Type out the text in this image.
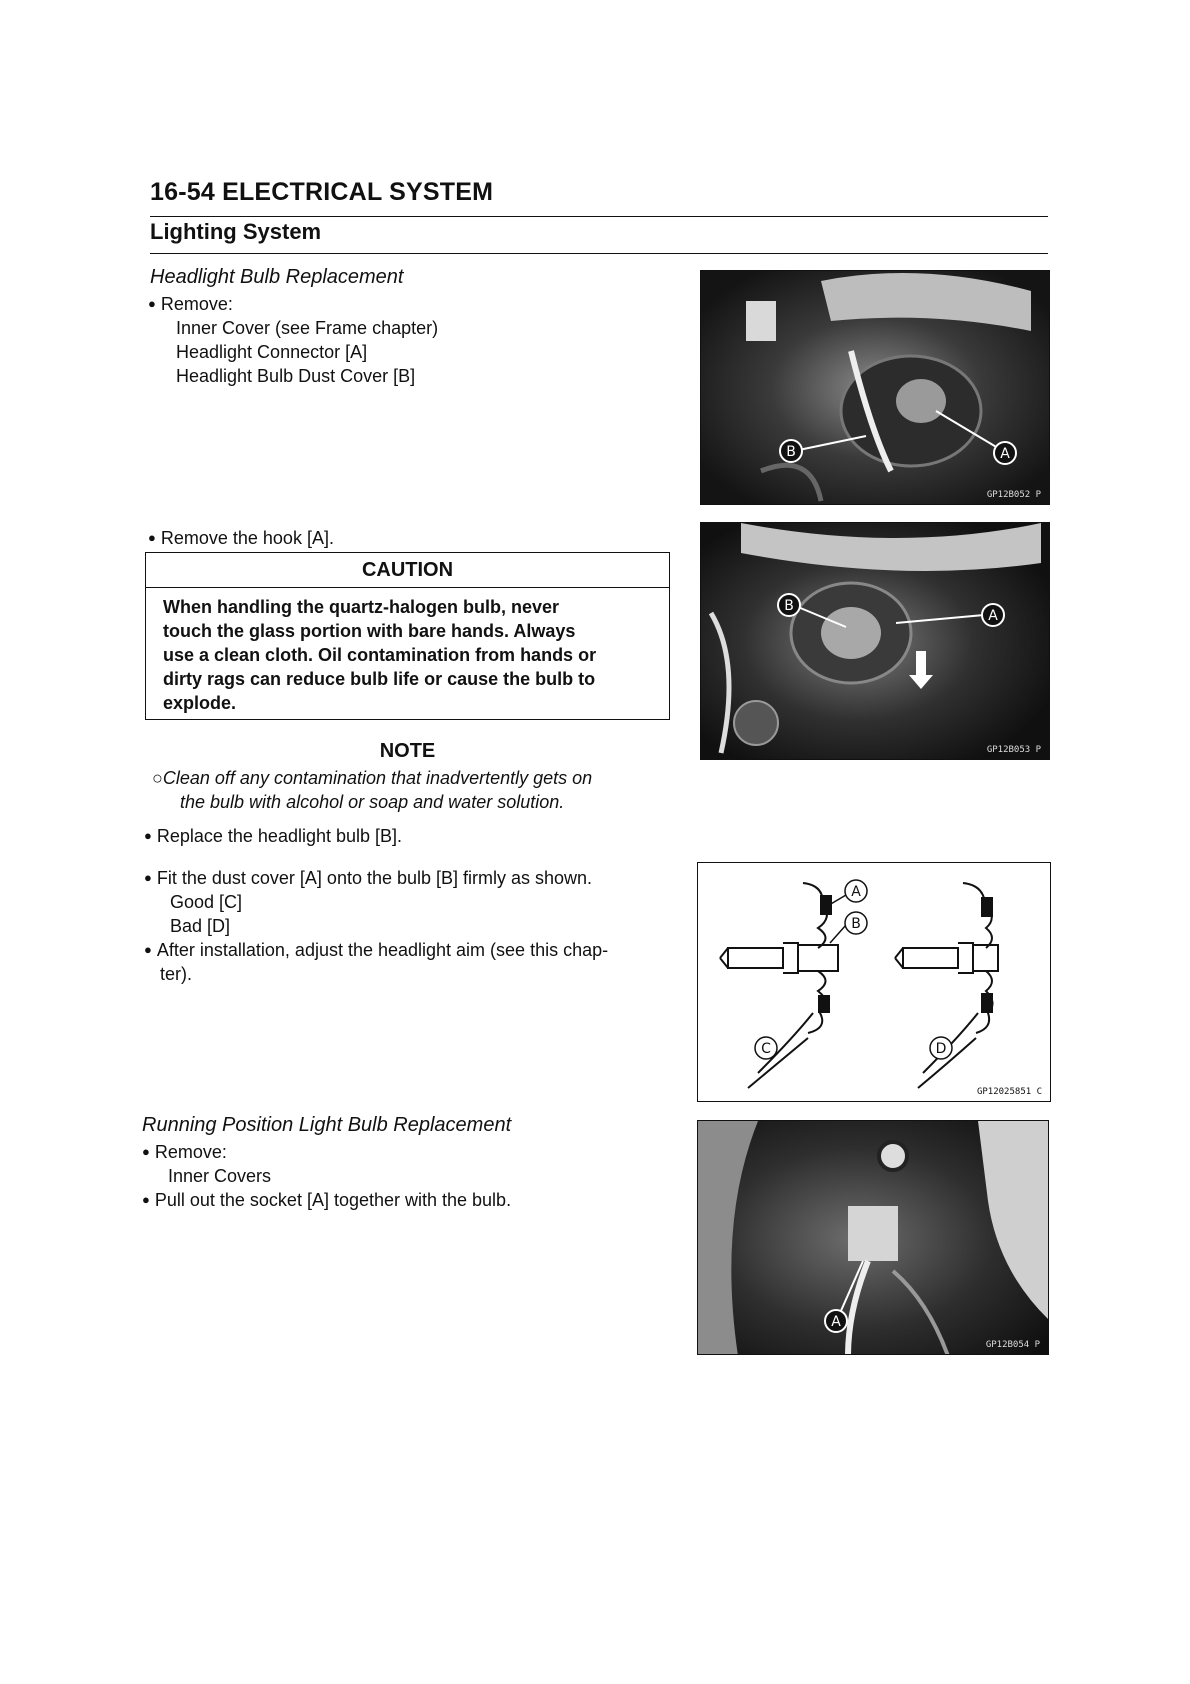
16-54 ELECTRICAL SYSTEM
Lighting System
Headlight Bulb Replacement
● Remove:
Inner Cover (see Frame chapter)
Headlight Connector [A]
Headlight Bulb Dust Cover [B]
● Remove the hook [A].
CAUTION
When handling the quartz-halogen bulb, never
touch the glass portion with bare hands. Always
use a clean cloth. Oil contamination from hands or
dirty rags can reduce bulb life or cause the bulb to
explode.
NOTE
○Clean off any contamination that inadvertently gets on
the bulb with alcohol or soap and water solution.
● Replace the headlight bulb [B].
● Fit the dust cover [A] onto the bulb [B] firmly as shown.
Good [C]
Bad [D]
● After installation, adjust the headlight aim (see this chap-
ter).
Running Position Light Bulb Replacement
● Remove:
Inner Covers
● Pull out the socket [A] together with the bulb.
B	A
GP12B052 P
B
A
GP12B053 P
A
B
C	D
GP12025851 C
A
GP12B054 P
